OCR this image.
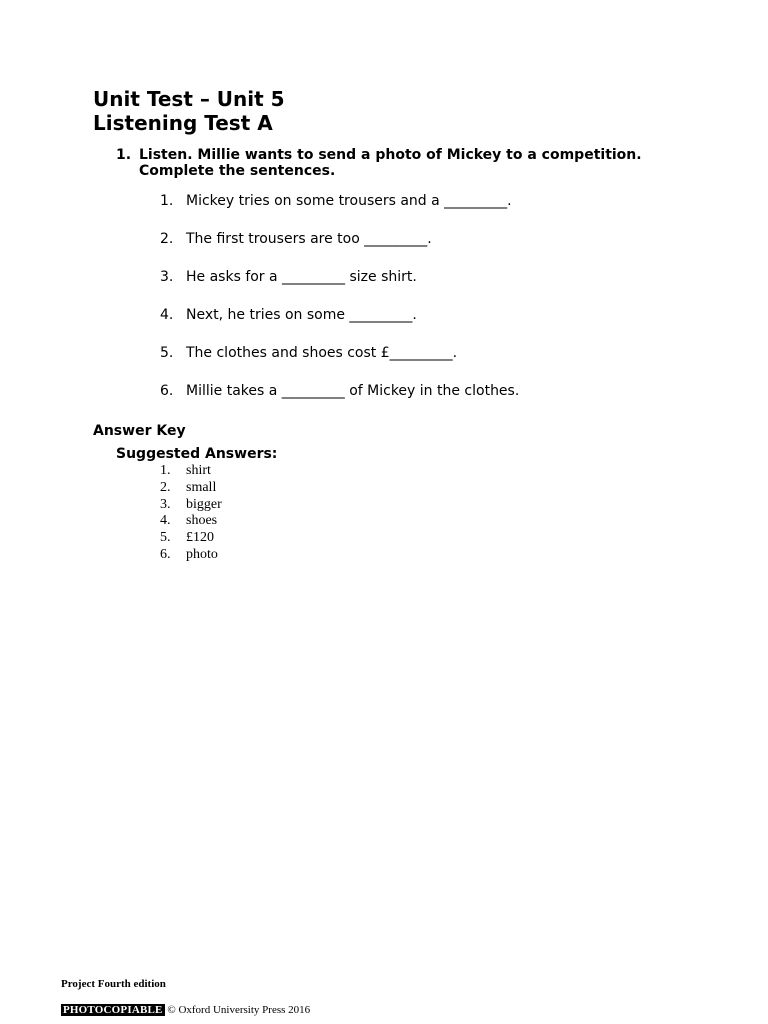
Unit Test – Unit 5
Listening Test A
1. Listen. Millie wants to send a photo of Mickey to a competition. Complete the sentences.
1. Mickey tries on some trousers and a _________.
2. The first trousers are too _________.
3. He asks for a _________ size shirt.
4. Next, he tries on some _________.
5. The clothes and shoes cost £_________.
6. Millie takes a _________ of Mickey in the clothes.
Answer Key
Suggested Answers:
1. shirt
2. small
3. bigger
4. shoes
5. £120
6. photo
Project Fourth edition
PHOTOCOPIABLE © Oxford University Press 2016
